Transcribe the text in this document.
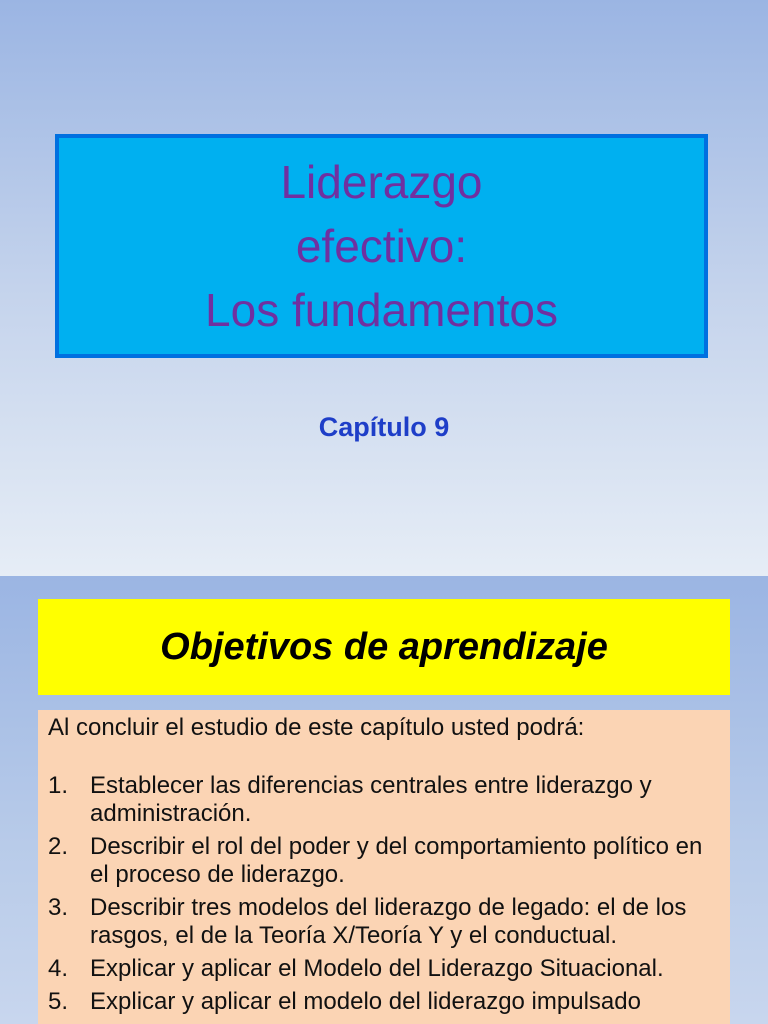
Liderazgo
efectivo:
Los fundamentos
Capítulo 9
Objetivos de aprendizaje

Al concluir el estudio de este capítulo usted podrá:

1. Establecer las diferencias centrales entre liderazgo y administración.
2. Describir el rol del poder y del comportamiento político en el proceso de liderazgo.
3. Describir tres modelos del liderazgo de legado: el de los rasgos, el de la Teoría X/Teoría Y y el conductual.
4. Explicar y aplicar el Modelo del Liderazgo Situacional.
5. Explicar y aplicar el modelo del liderazgo impulsado
